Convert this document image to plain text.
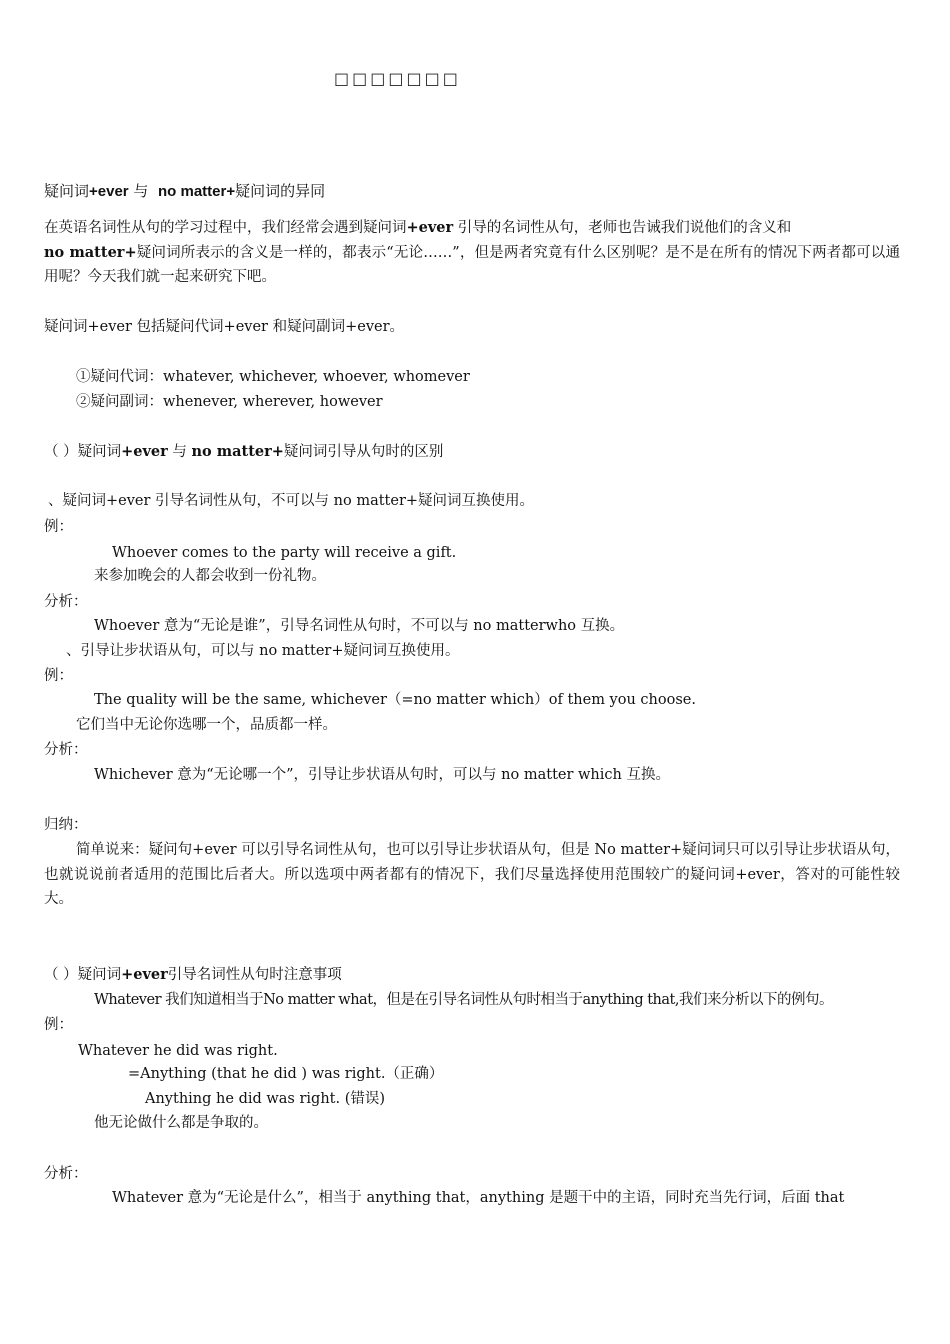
□□□□□□□
疑问词+ever 与 no matter+疑问词的异同
在英语名词性从句的学习过程中，我们经常会遇到疑问词+ever 引导的名词性从句，老师也告诫我们说他们的含义和
no matter+疑问词所表示的含义是一样的，都表示“无论……”，但是两者究竟有什么区别呢？是不是在所有的情况下两者都可以通用呢？今天我们就一起来研究下吧。
疑问词+ever 包括疑问代词+ever 和疑问副词+ever。
①疑问代词：whatever, whichever, whoever, whomever
②疑问副词：whenever, wherever, however
（ ）疑问词+ever 与 no matter+疑问词引导从句时的区别
、疑问词+ever 引导名词性从句，不可以与 no matter+疑问词互换使用。
例：
Whoever comes to the party will receive a gift.
来参加晚会的人都会收到一份礼物。
分析：
Whoever 意为“无论是谁”，引导名词性从句时，不可以与 no matterwho 互换。
、引导让步状语从句，可以与 no matter+疑问词互换使用。
例：
The quality will be the same, whichever（=no matter which）of them you choose.
它们当中无论你选哪一个，品质都一样。
分析：
Whichever 意为“无论哪一个”，引导让步状语从句时，可以与 no matter which 互换。
归纳：
简单说来：疑问句+ever 可以引导名词性从句，也可以引导让步状语从句，但是 No matter+疑问词只可以引导让步状语从句，也就说说前者适用的范围比后者大。所以选项中两者都有的情况下，我们尽量选择使用范围较广的疑问词+ever，答对的可能性较大。
（ ）疑问词+ever引导名词性从句时注意事项
Whatever 我们知道相当于No matter what，但是在引导名词性从句时相当于anything that,我们来分析以下的例句。
例：
Whatever he did was right.
=Anything (that he did ) was right.（正确）
Anything he did was right. (错误)
他无论做什么都是争取的。
分析：
Whatever 意为“无论是什么”，相当于 anything that，anything 是题干中的主语，同时充当先行词，后面 that
